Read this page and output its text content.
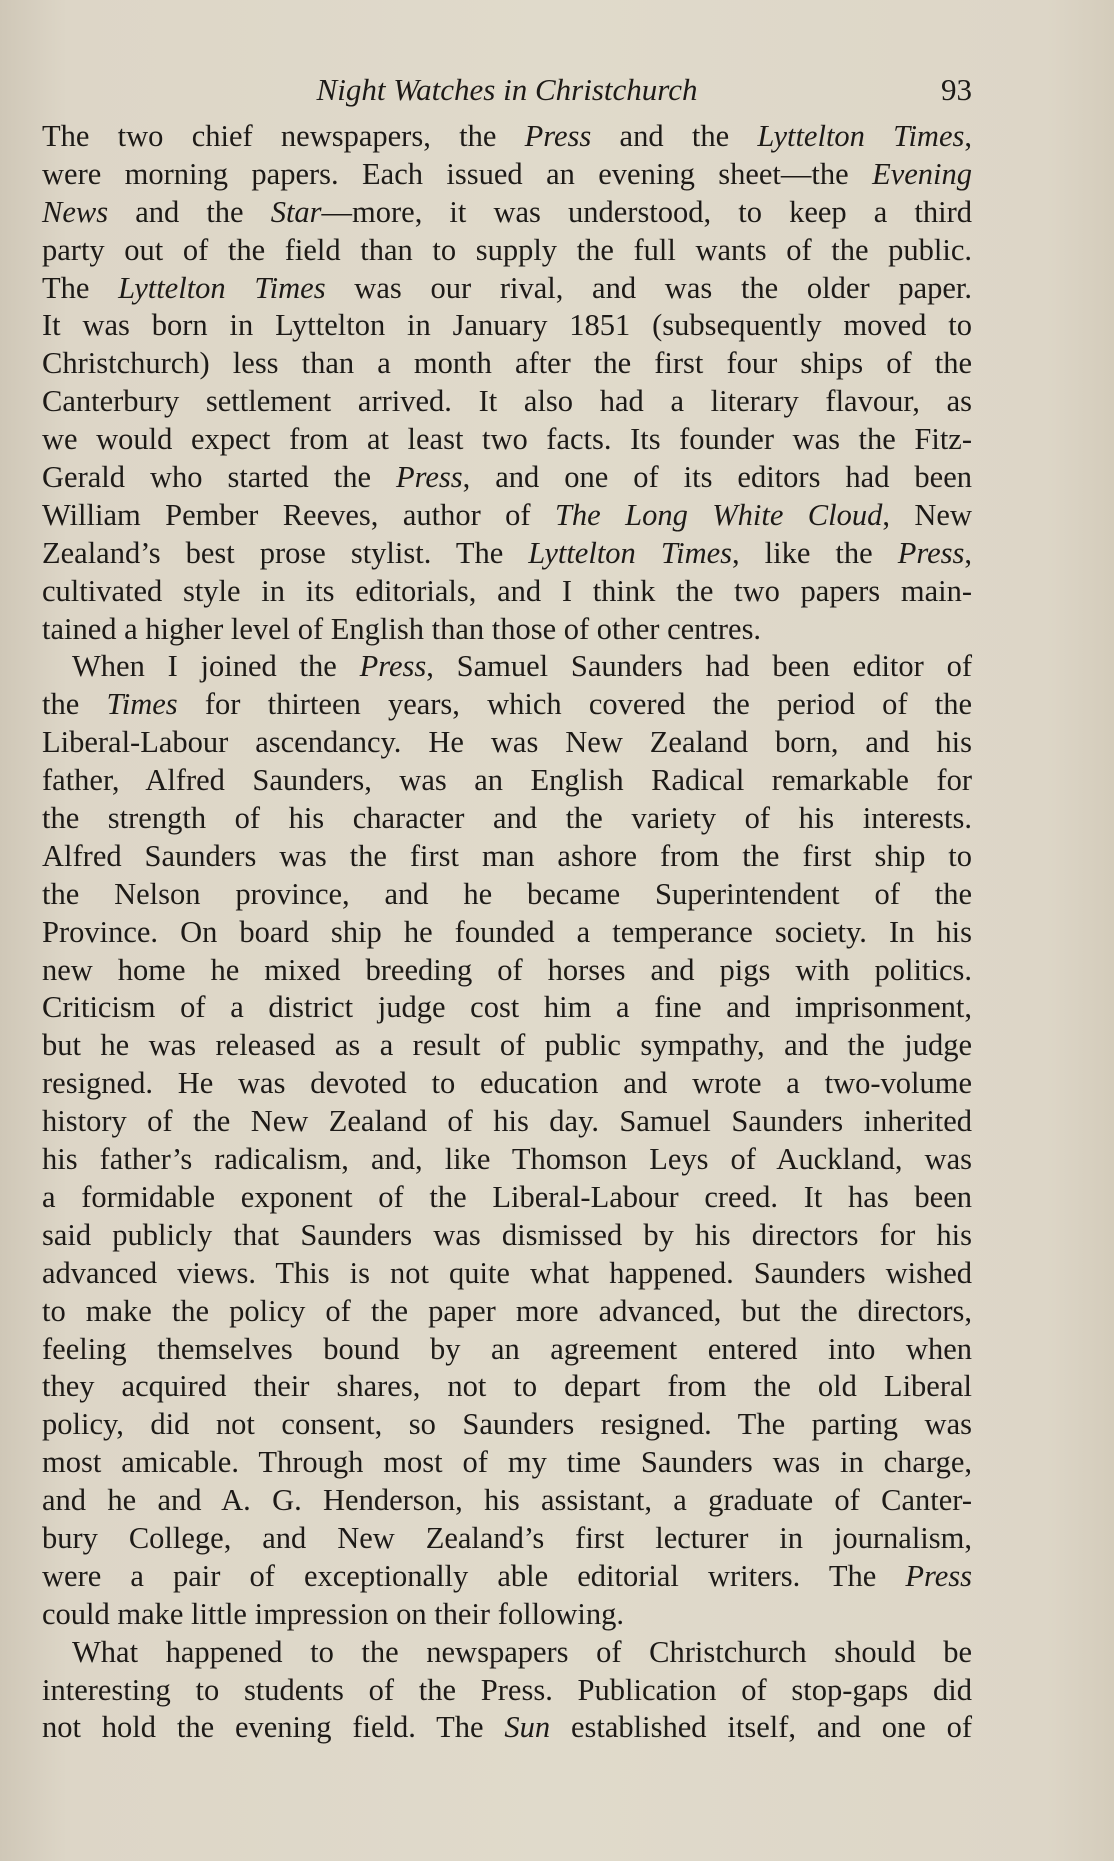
Night Watches in Christchurch	93
The two chief newspapers, the Press and the Lyttelton Times,
were morning papers. Each issued an evening sheet—the Evening
News and the Star—more, it was understood, to keep a third
party out of the field than to supply the full wants of the public.
The Lyttelton Times was our rival, and was the older paper.
It was born in Lyttelton in January 1851 (subsequently moved to
Christchurch) less than a month after the first four ships of the
Canterbury settlement arrived. It also had a literary flavour, as
we would expect from at least two facts. Its founder was the Fitz-
Gerald who started the Press, and one of its editors had been
William Pember Reeves, author of The Long White Cloud, New
Zealand’s best prose stylist. The Lyttelton Times, like the Press,
cultivated style in its editorials, and I think the two papers main-
tained a higher level of English than those of other centres.
When I joined the Press, Samuel Saunders had been editor of
the Times for thirteen years, which covered the period of the
Liberal-Labour ascendancy. He was New Zealand born, and his
father, Alfred Saunders, was an English Radical remarkable for
the strength of his character and the variety of his interests.
Alfred Saunders was the first man ashore from the first ship to
the Nelson province, and he became Superintendent of the
Province. On board ship he founded a temperance society. In his
new home he mixed breeding of horses and pigs with politics.
Criticism of a district judge cost him a fine and imprisonment,
but he was released as a result of public sympathy, and the judge
resigned. He was devoted to education and wrote a two-volume
history of the New Zealand of his day. Samuel Saunders inherited
his father’s radicalism, and, like Thomson Leys of Auckland, was
a formidable exponent of the Liberal-Labour creed. It has been
said publicly that Saunders was dismissed by his directors for his
advanced views. This is not quite what happened. Saunders wished
to make the policy of the paper more advanced, but the directors,
feeling themselves bound by an agreement entered into when
they acquired their shares, not to depart from the old Liberal
policy, did not consent, so Saunders resigned. The parting was
most amicable. Through most of my time Saunders was in charge,
and he and A. G. Henderson, his assistant, a graduate of Canter-
bury College, and New Zealand’s first lecturer in journalism,
were a pair of exceptionally able editorial writers. The Press
could make little impression on their following.
What happened to the newspapers of Christchurch should be
interesting to students of the Press. Publication of stop-gaps did
not hold the evening field. The Sun established itself, and one of
